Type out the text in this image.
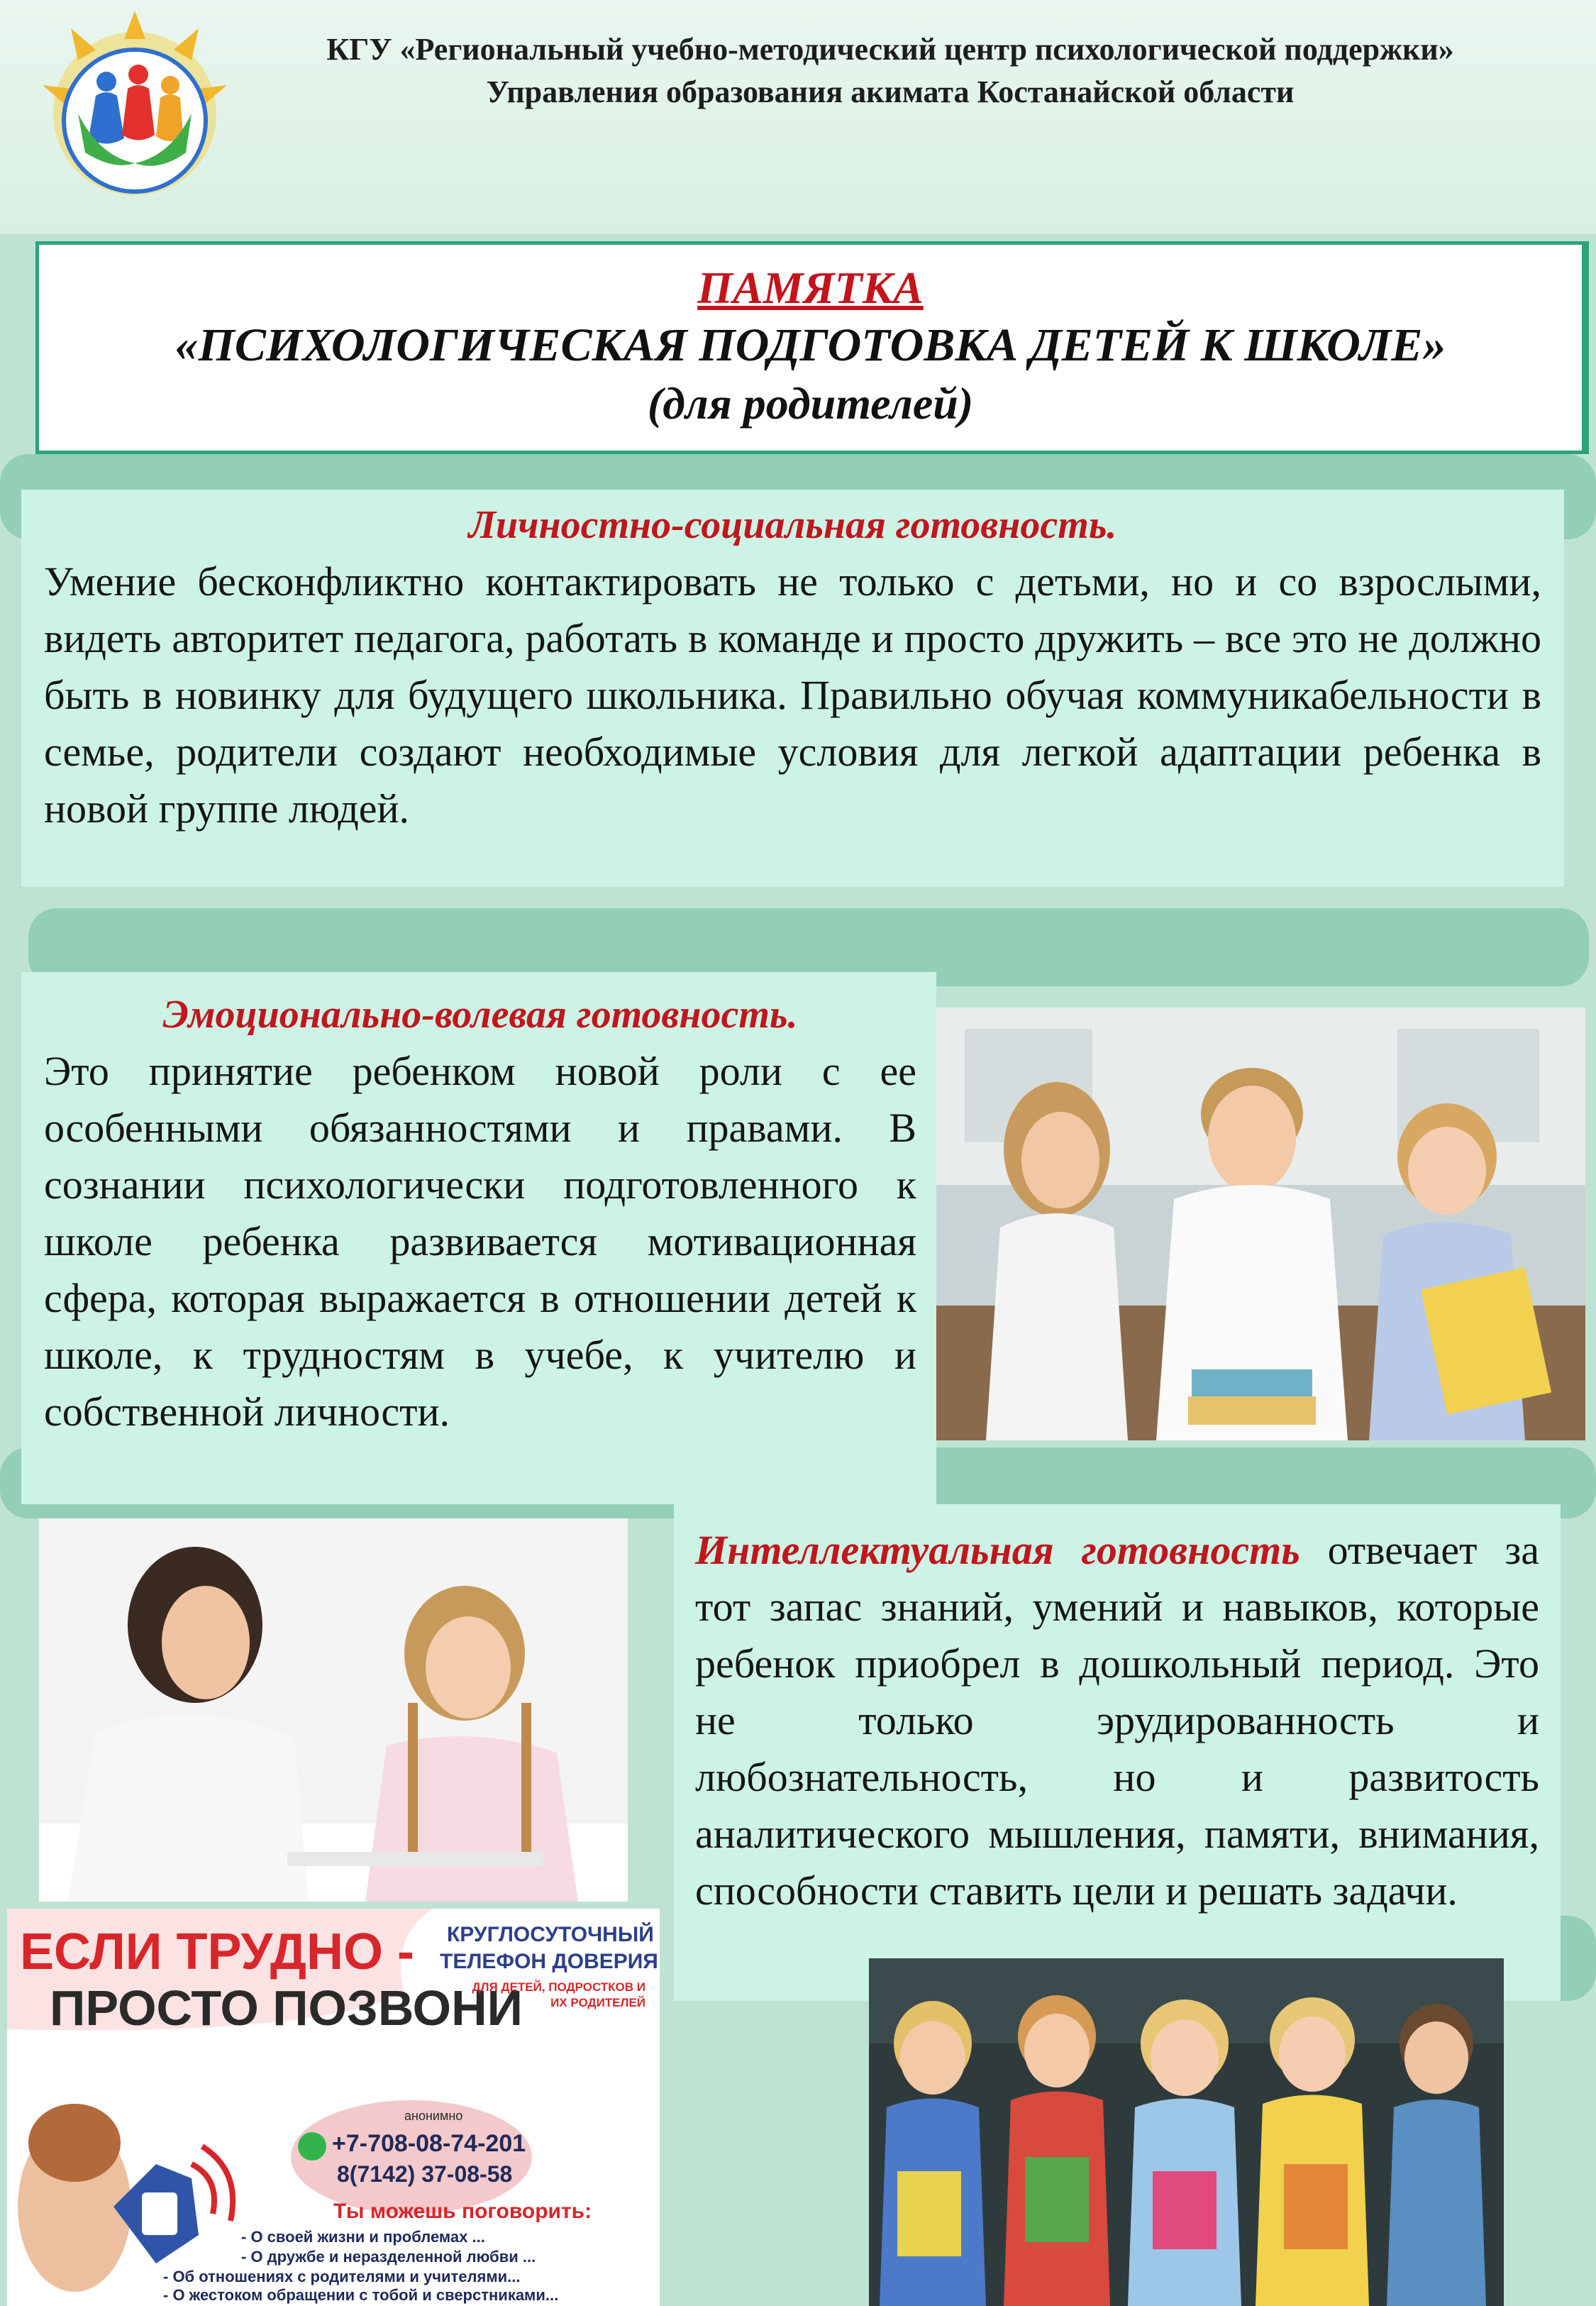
КГУ «Региональный учебно-методический центр психологической поддержки»
Управления образования акимата Костанайской области
ПАМЯТКА
«ПСИХОЛОГИЧЕСКАЯ ПОДГОТОВКА ДЕТЕЙ К ШКОЛЕ»
(для родителей)
Личностно-социальная готовность.
Умение бесконфликтно контактировать не только с детьми, но и со взрослыми, видеть авторитет педагога, работать в команде и просто дружить – все это не должно быть в новинку для будущего школьника. Правильно обучая коммуникабельности в семье, родители создают необходимые условия для легкой адаптации ребенка в новой группе людей.
Эмоционально-волевая готовность.
Это принятие ребенком новой роли с ее особенными обязанностями и правами. В сознании психологически подготовленного к школе ребенка развивается мотивационная сфера, которая выражается в отношении детей к школе, к трудностям в учебе, к учителю и собственной личности.
Интеллектуальная готовность отвечает за тот запас знаний, умений и навыков, которые ребенок приобрел в дошкольный период. Это не только эрудированность и любознательность, но и развитость аналитического мышления, памяти, внимания, способности ставить цели и решать задачи.
ЕСЛИ ТРУДНО -
ПРОСТО ПОЗВОНИ
КРУГЛОСУТОЧНЫЙ
ТЕЛЕФОН ДОВЕРИЯ
ДЛЯ ДЕТЕЙ, ПОДРОСТКОВ И ИХ РОДИТЕЛЕЙ
анонимно
+7-708-08-74-201
8(7142) 37-08-58
Ты можешь поговорить:
- О своей жизни и проблемах ...
- О дружбе и неразделенной любви ...
- Об отношениях с родителями и учителями...
- О жестоком обращении с тобой и сверстниками...
